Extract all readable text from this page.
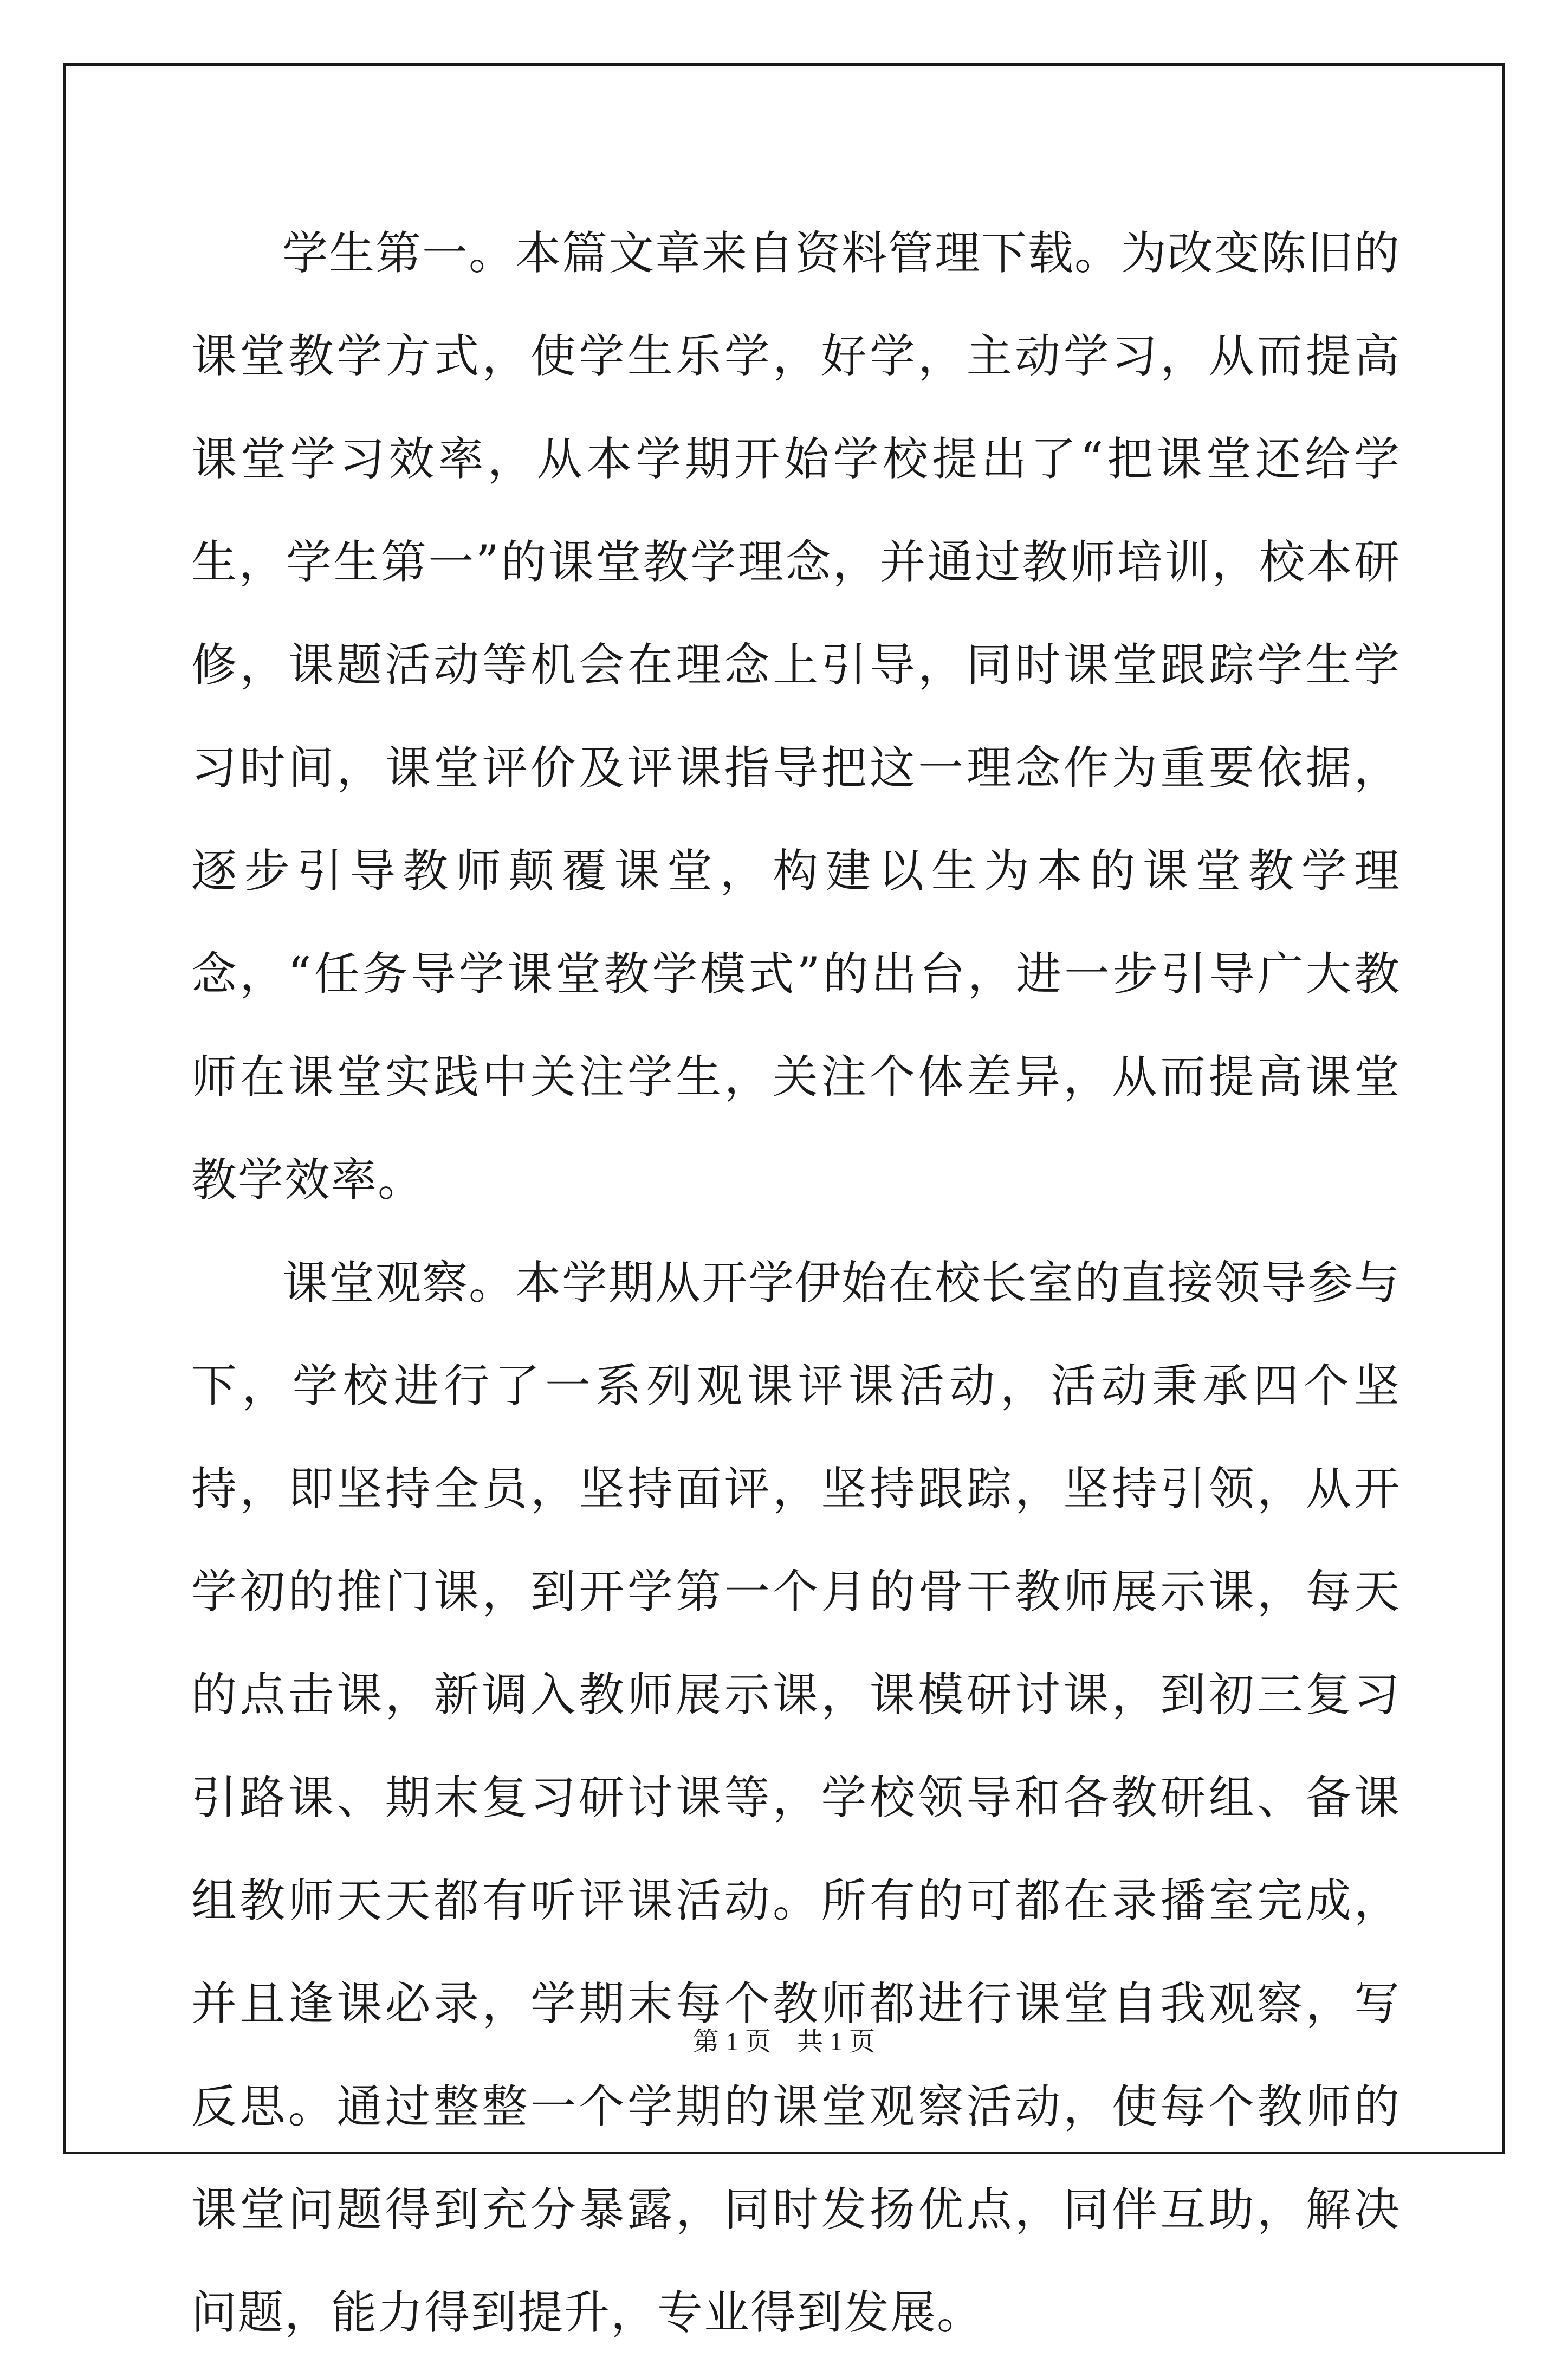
学生第一。本篇文章来自资料管理下载。为改变陈旧的课堂教学方式，使学生乐学，好学，主动学习，从而提高课堂学习效率，从本学期开始学校提出了“把课堂还给学生，学生第一”的课堂教学理念，并通过教师培训，校本研修，课题活动等机会在理念上引导，同时课堂跟踪学生学习时间，课堂评价及评课指导把这一理念作为重要依据，逐步引导教师颠覆课堂，构建以生为本的课堂教学理念，“任务导学课堂教学模式”的出台，进一步引导广大教师在课堂实践中关注学生，关注个体差异，从而提高课堂教学效率。

课堂观察。本学期从开学伊始在校长室的直接领导参与下，学校进行了一系列观课评课活动，活动秉承四个坚持，即坚持全员，坚持面评，坚持跟踪，坚持引领，从开学初的推门课，到开学第一个月的骨干教师展示课，每天的点击课，新调入教师展示课，课模研讨课，到初三复习引路课、期末复习研讨课等，学校领导和各教研组、备课组教师天天都有听评课活动。所有的可都在录播室完成，并且逢课必录，学期末每个教师都进行课堂自我观察，写反思。通过整整一个学期的课堂观察活动，使每个教师的课堂问题得到充分暴露，同时发扬优点，同伴互助，解决问题，能力得到提升，专业得到发展。

第 1 页　共 1 页
